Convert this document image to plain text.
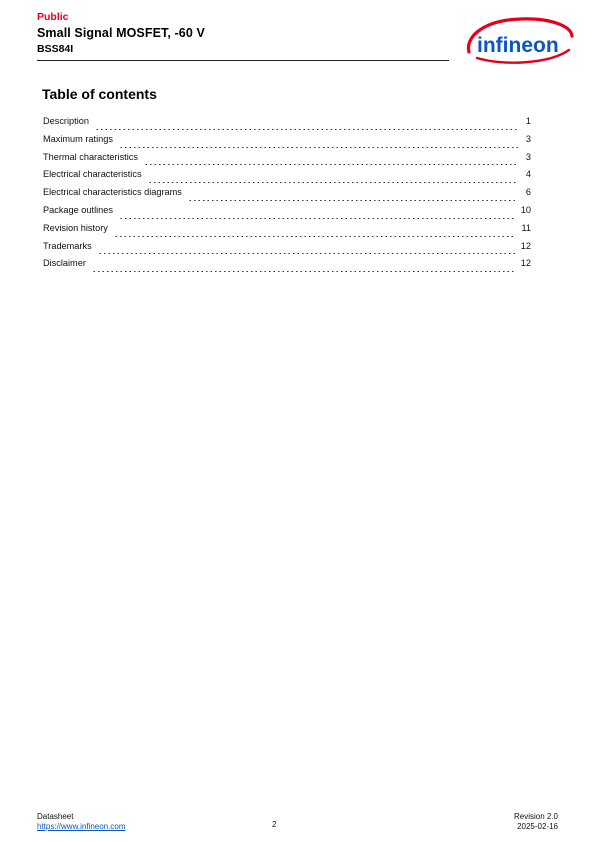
Public
Small Signal MOSFET, -60 V
BSS84I	infineon
Table of contents
Description	1
Maximum ratings	3
Thermal characteristics	3
Electrical characteristics	4
Electrical characteristics diagrams	6
Package outlines	10
Revision history	11
Trademarks	12
Disclaimer	12
Datasheet
https://www.infineon.com	2
Revision 2.0
2025-02-16
